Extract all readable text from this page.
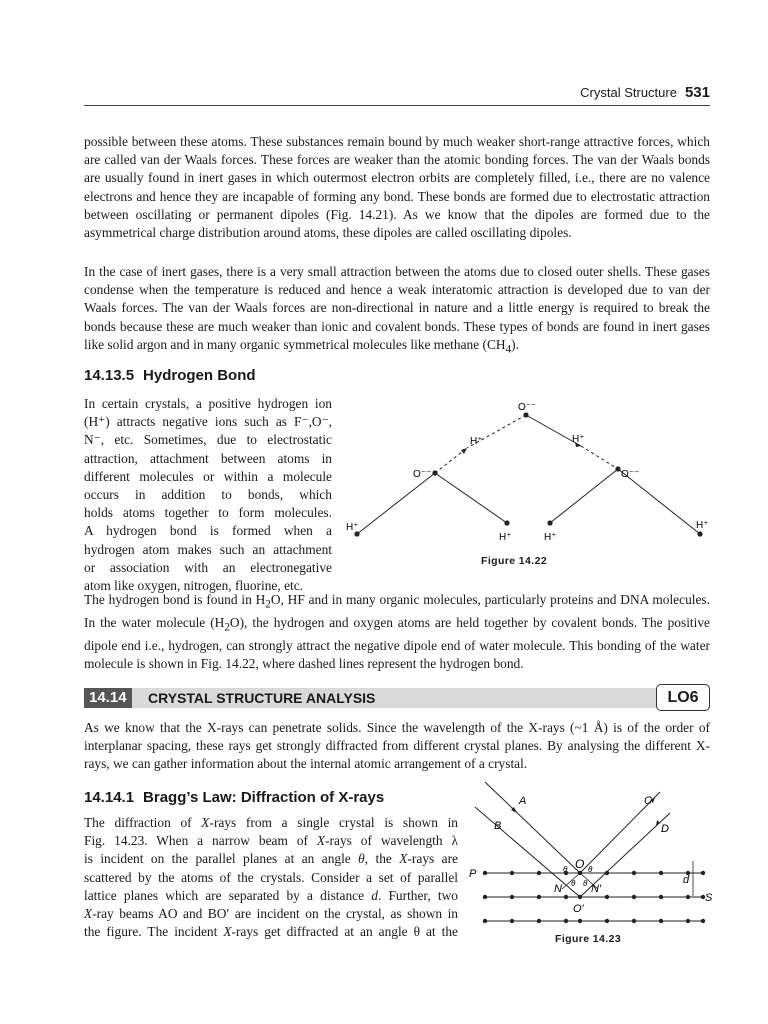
Crystal Structure 531

possible between these atoms. These substances remain bound by much weaker short-range attractive forces, which are called van der Waals forces. These forces are weaker than the atomic bonding forces. The van der Waals bonds are usually found in inert gases in which outermost electron orbits are completely filled, i.e., there are no valence electrons and hence they are incapable of forming any bond. These bonds are formed due to electrostatic attraction between oscillating or permanent dipoles (Fig. 14.21). As we know that the dipoles are formed due to the asymmetrical charge distribution around atoms, these dipoles are called oscillating dipoles.

In the case of inert gases, there is a very small attraction between the atoms due to closed outer shells. These gases condense when the temperature is reduced and hence a weak interatomic attraction is developed due to van der Waals forces. The van der Waals forces are non-directional in nature and a little energy is required to break the bonds because these are much weaker than ionic and covalent bonds. These types of bonds are found in inert gases like solid argon and in many organic symmetrical molecules like methane $(CH_4)$.

14.13.5 Hydrogen Bond
In certain crystals, a positive hydrogen ion
(H⁺) attracts negative ions such as F⁻,O⁻,
N⁻, etc. Sometimes, due to electrostatic
attraction, attachment between atoms in
different molecules or within a molecule
occurs in addition to bonds, which
holds atoms together to form molecules.
A hydrogen bond is formed when a
hydrogen atom makes such an attachment
or association with an electronegative
atom like oxygen, nitrogen, fluorine, etc.
O⁻⁻
O⁻⁻	O⁻⁻
H⁺	H⁺
H⁺
H⁺	H⁺
H⁺
Figure 14.22

The hydrogen bond is found in $H_2O$, HF and in many organic molecules, particularly proteins and DNA molecules. In the water molecule $(H_2O)$, the hydrogen and oxygen atoms are held together by covalent bonds. The positive dipole end i.e., hydrogen, can strongly attract the negative dipole end of water molecule. This bonding of the water molecule is shown in Fig. 14.22, where dashed lines represent the hydrogen bond.

14.14	CRYSTAL STRUCTURE ANALYSIS	LO6

As we know that the X-rays can penetrate solids. Since the wavelength of the X-rays (~1 Å) is of the order of interplanar spacing, these rays get strongly diffracted from different crystal planes. By analysing the different X-rays, we can gather information about the internal atomic arrangement of a crystal.

14.14.1 Bragg’s Law: Diffraction of X-rays
The diffraction of X-rays from a single crystal is shown in
Fig. 14.23. When a narrow beam of X-rays of wavelength λ
is incident on the parallel planes at an angle θ, the X-rays are
scattered by the atoms of the crystals. Consider a set of parallel
lattice planes which are separated by a distance d. Further, two
X-ray beams AO and BO′ are incident on the crystal, as shown in
the figure. The incident X-rays get diffracted at an angle θ at the
A
B
C
D
P
S
O
O′
N	N′
d
θ	θ
θ θ
Figure 14.23
